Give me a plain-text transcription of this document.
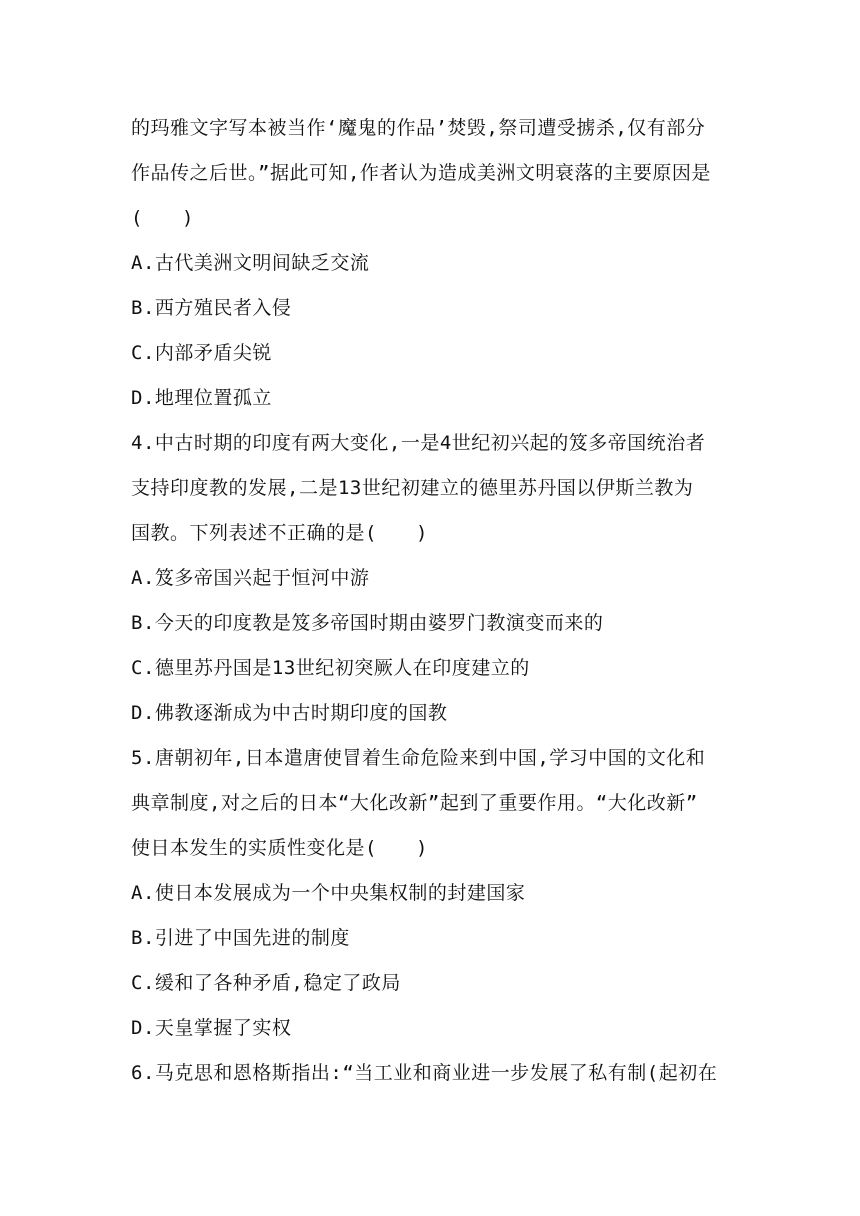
的玛雅文字写本被当作‘魔鬼的作品’焚毁,祭司遭受掳杀,仅有部分
作品传之后世。”据此可知,作者认为造成美洲文明衰落的主要原因是
(　　)
A.古代美洲文明间缺乏交流
B.西方殖民者入侵
C.内部矛盾尖锐
D.地理位置孤立
4.中古时期的印度有两大变化,一是4世纪初兴起的笈多帝国统治者
支持印度教的发展,二是13世纪初建立的德里苏丹国以伊斯兰教为
国教。下列表述不正确的是(　　)
A.笈多帝国兴起于恒河中游
B.今天的印度教是笈多帝国时期由婆罗门教演变而来的
C.德里苏丹国是13世纪初突厥人在印度建立的
D.佛教逐渐成为中古时期印度的国教
5.唐朝初年,日本遣唐使冒着生命危险来到中国,学习中国的文化和
典章制度,对之后的日本“大化改新”起到了重要作用。“大化改新”
使日本发生的实质性变化是(　　)
A.使日本发展成为一个中央集权制的封建国家
B.引进了中国先进的制度
C.缓和了各种矛盾,稳定了政局
D.天皇掌握了实权
6.马克思和恩格斯指出:“当工业和商业进一步发展了私有制(起初在
